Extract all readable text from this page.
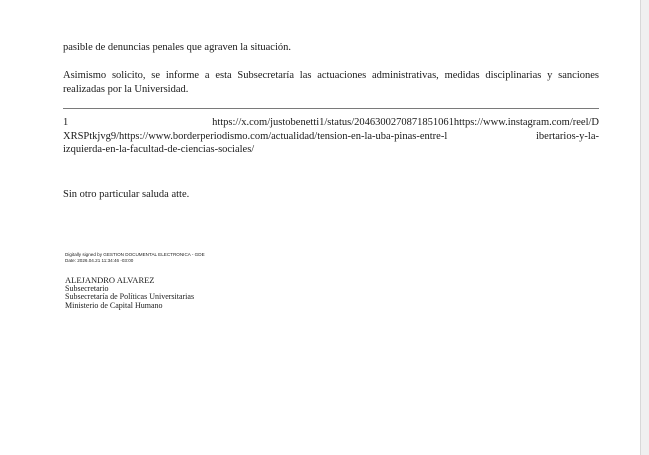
pasible de denuncias penales que agraven la situación.
Asimismo solicito, se informe a esta Subsecretaría las actuaciones administrativas, medidas disciplinarias y sanciones realizadas por la Universidad.
1	https://x.com/justobenetti1/status/2046300270871851061https://www.instagram.com/reel/D
XRSPtkjvg9/https://www.borderperiodismo.com/actualidad/tension-en-la-uba-pinas-entre-l	ibertarios-y-la-
izquierda-en-la-facultad-de-ciencias-sociales/
Sin otro particular saluda atte.
Digitally signed by GESTION DOCUMENTAL ELECTRONICA - GDE
Date: 2026.04.21 11:34:46 -03:00
ALEJANDRO ALVAREZ
Subsecretario
Subsecretaría de Políticas Universitarias
Ministerio de Capital Humano
